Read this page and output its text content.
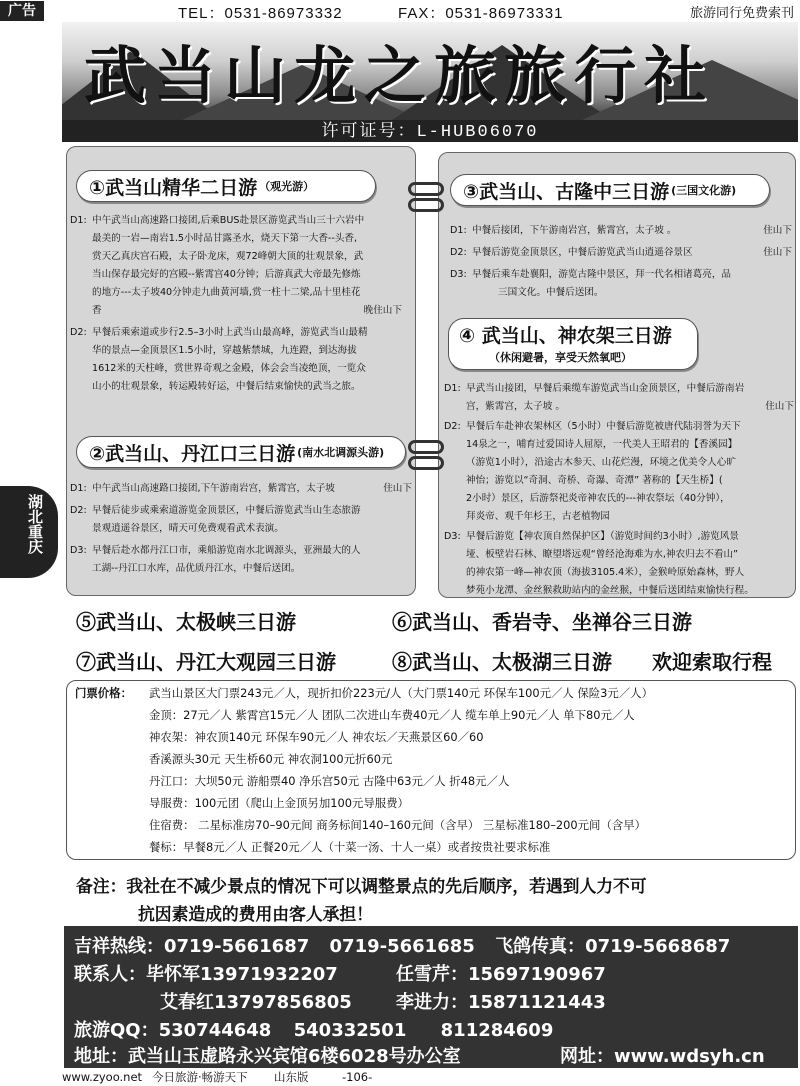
广告	TEL：0531-86973332	FAX：0531-86973331	旅游同行免费索刊
武当山龙之旅旅行社
许可证号：L-HUB06070
湖北重庆
①武当山精华二日游 （观光游）
D1: 中午武当山高速路口接团,后乘BUS赴景区游览武当山三十六岩中
最美的一岩—南岩1.5小时品甘露圣水，烧天下第一大香--头香,
赏天乙真庆宫石殿，太子卧龙床，观72峰朝大顶的壮观景象，武
当山保存最完好的宫殿--紫霄宫40分钟；后游真武大帝最先修炼
的地方---太子坡40分钟走九曲黄河墙,赏一柱十二梁,品十里桂花
香	晚住山下
D2: 早餐后乘索道或步行2.5–3小时上武当山最高峰，游览武当山最精
华的景点—金顶景区1.5小时，穿越紫禁城，九连蹬，到达海拔
1612米的天柱峰，赏世界奇观之金殿，体会会当凌绝顶，一览众
山小的壮观景象，转运殿转好运，中餐后结束愉快的武当之旅。
②武当山、丹江口三日游 (南水北调源头游)
D1: 中午武当山高速路口接团,下午游南岩宫，紫霄宫，太子坡	住山下
D2: 早餐后徒步或乘索道游览金顶景区，中餐后游览武当山生态旅游
景观逍遥谷景区，晴天可免费观看武术表演。
D3: 早餐后赴水都丹江口市，乘船游览南水北调源头，亚洲最大的人
工湖--丹江口水库，品优质丹江水，中餐后送团。
③武当山、古隆中三日游 (三国文化游)
D1: 中餐后接团，下午游南岩宫，紫霄宫，太子坡 。	住山下
D2: 早餐后游览金顶景区，中餐后游览武当山逍遥谷景区	住山下
D3: 早餐后乘车赴襄阳，游览古隆中景区，拜一代名相诸葛亮，品
三国文化。中餐后送团。
④ 武当山、神农架三日游
（休闲避暑，享受天然氧吧）
D1: 早武当山接团，早餐后乘缆车游览武当山金顶景区，中餐后游南岩
宫，紫霄宫，太子坡 。	住山下
D2: 早餐后车赴神农架林区（5小时）中餐后游览被唐代陆羽誉为天下
14泉之一，哺育过爱国诗人屈原，一代美人王昭君的【香溪园】
（游览1小时），沿途古木参天、山花烂漫，环境之优美令人心旷
神怡；游览以“奇洞、奇桥、奇瀑、奇潭” 著称的【天生桥】(
2小时）景区，后游祭祀炎帝神农氏的---神农祭坛（40分钟），
拜炎帝、观千年杉王，古老植物园
D3: 早餐后游览【神农顶自然保护区】（游览时间约3小时）,游览风景
垭、板壁岩石林、瞭望塔远观“曾经沧海难为水,神农归去不看山”
的神农第一峰—神农顶（海拔3105.4米），金猴岭原始森林，野人
梦苑小龙潭、金丝猴救助站内的金丝猴，中餐后送团结束愉快行程。
⑤武当山、太极峡三日游	⑥武当山、香岩寺、坐禅谷三日游
⑦武当山、丹江大观园三日游	⑧武当山、太极湖三日游 欢迎索取行程
门票价格： 武当山景区大门票243元／人，现折扣价223元/人（大门票140元 环保车100元／人 保险3元／人）
金顶：27元／人 紫霄宫15元／人 团队二次进山车费40元／人 缆车单上90元／人 单下80元／人
神农架：神农顶140元 环保车90元／人 神农坛／天燕景区60／60
香溪源头30元 天生桥60元 神农洞100元折60元
丹江口：大坝50元 游船票40 净乐宫50元 古隆中63元／人 折48元／人
导服费：100元团（爬山上金顶另加100元导服费）
住宿费： 二星标准房70–90元间 商务标间140–160元间（含早） 三星标准180–200元间（含早）
餐标：早餐8元／人 正餐20元／人（十菜一汤、十人一桌）或者按贵社要求标准
备注：我社在不减少景点的情况下可以调整景点的先后顺序，若遇到人力不可
抗因素造成的费用由客人承担！
吉祥热线：0719-5661687 0719-5661685 飞鸽传真：0719-5668687
联系人：毕怀军13971932207	任雪芹：15697190967
艾春红13797856805 李进力：15871121443
旅游QQ：530744648 540332501 811284609
地址：武当山玉虚路永兴宾馆6楼6028号办公室	网址：www.wdsyh.cn
www.zyoo.net 今日旅游·畅游天下 山东版	-106-
